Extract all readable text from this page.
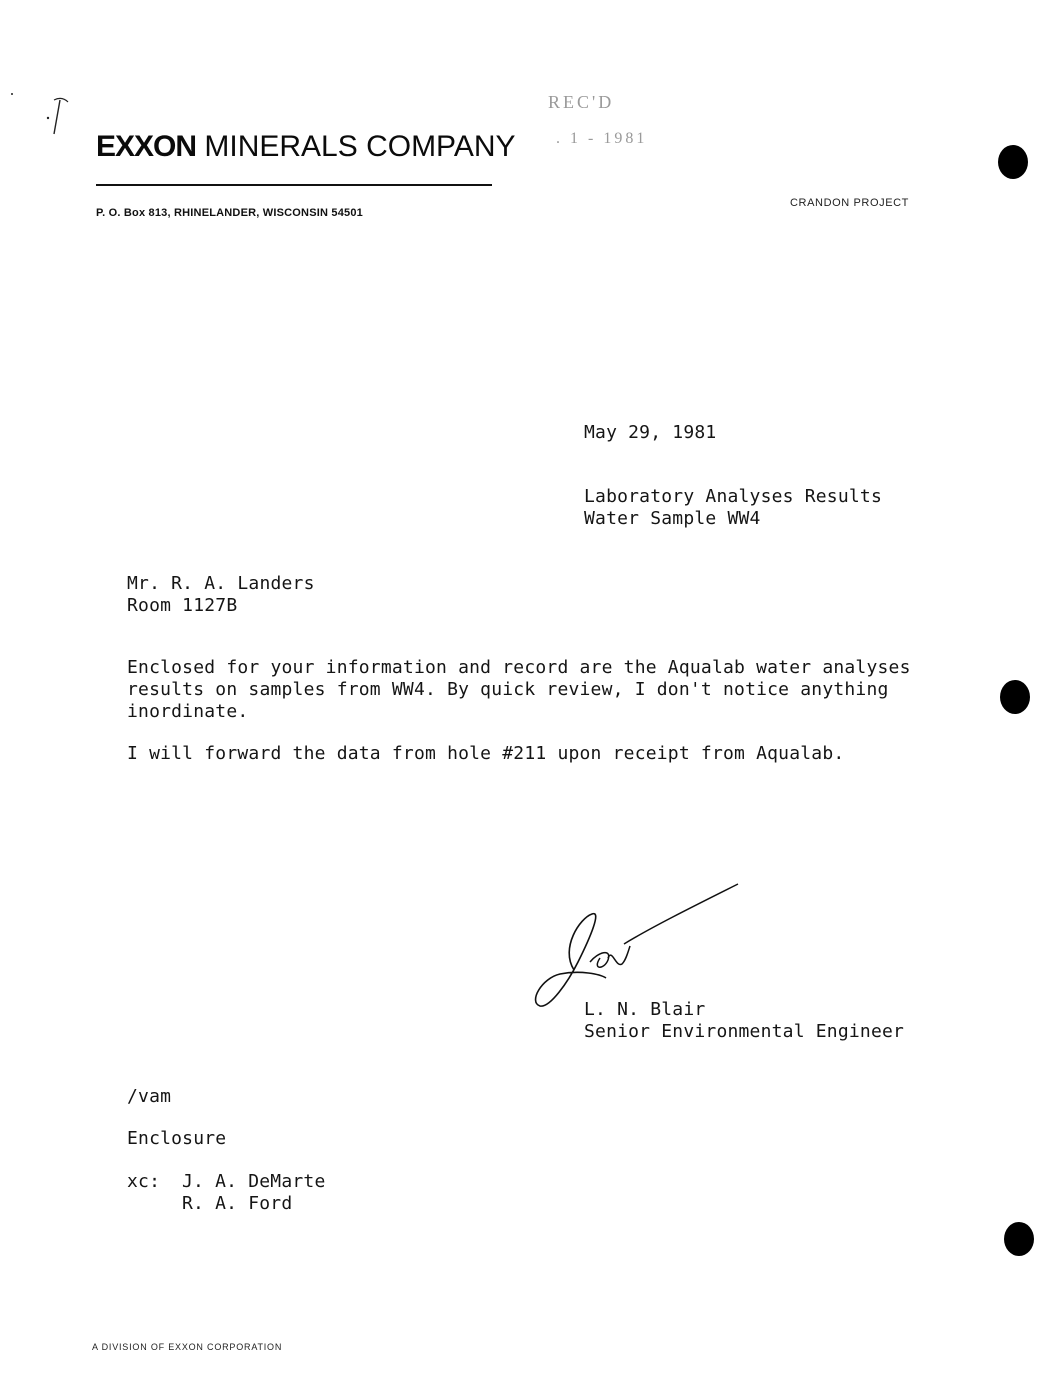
EXXON MINERALS COMPANY
P. O. Box 813, RHINELANDER, WISCONSIN 54501
CRANDON PROJECT
REC'D
. 1 - 1981
May 29, 1981
Laboratory Analyses Results
Water Sample WW4
Mr. R. A. Landers
Room 1127B
Enclosed for your information and record are the Aqualab water analyses results on samples from WW4. By quick review, I don't notice anything inordinate.
I will forward the data from hole #211 upon receipt from Aqualab.
L. N. Blair
Senior Environmental Engineer
/vam
Enclosure
xc:	J. A. DeMarte
R. A. Ford
A DIVISION OF EXXON CORPORATION
